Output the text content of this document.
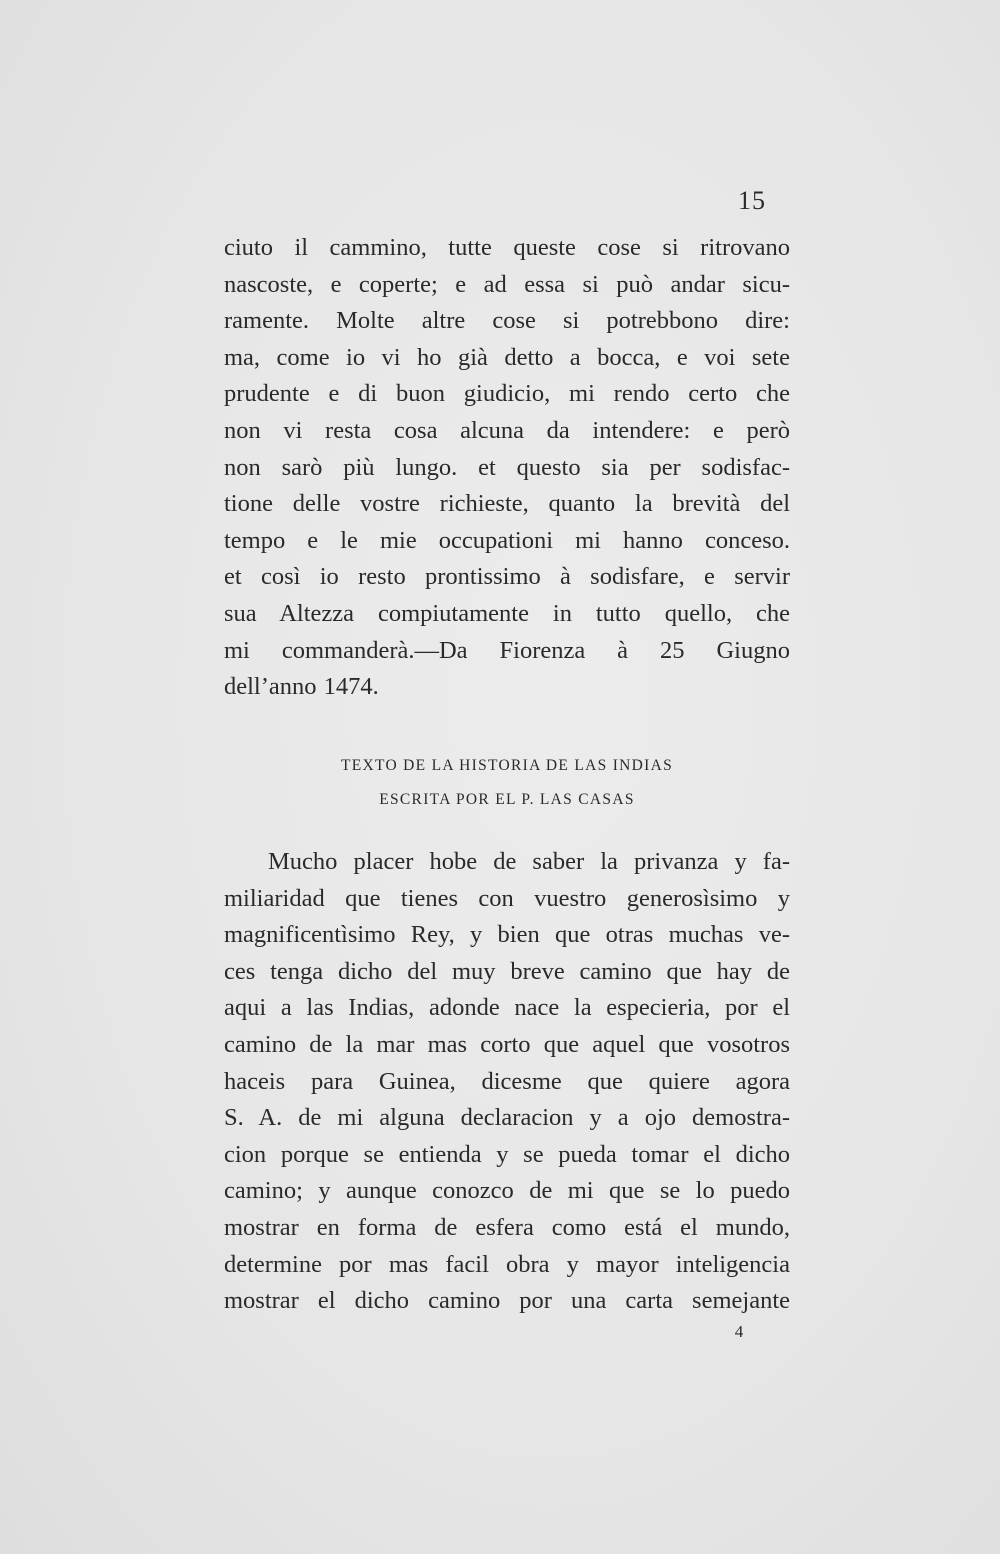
15
ciuto il cammino, tutte queste cose si ritrovano
nascoste, e coperte; e ad essa si può andar sicu-
ramente. Molte altre cose si potrebbono dire:
ma, come io vi ho già detto a bocca, e voi sete
prudente e di buon giudicio, mi rendo certo che
non vi resta cosa alcuna da intendere: e però
non sarò più lungo. et questo sia per sodisfac-
tione delle vostre richieste, quanto la brevità del
tempo e le mie occupationi mi hanno conceso.
et così io resto prontissimo à sodisfare, e servir
sua Altezza compiutamente in tutto quello, che
mi commanderà.—Da Fiorenza à 25 Giugno
dell’anno 1474.
TEXTO DE LA HISTORIA DE LAS INDIAS
ESCRITA POR EL P. LAS CASAS
Mucho placer hobe de saber la privanza y fa-
miliaridad que tienes con vuestro generosìsimo y
magnificentìsimo Rey, y bien que otras muchas ve-
ces tenga dicho del muy breve camino que hay de
aqui a las Indias, adonde nace la especieria, por el
camino de la mar mas corto que aquel que vosotros
haceis para Guinea, dicesme que quiere agora
S. A. de mi alguna declaracion y a ojo demostra-
cion porque se entienda y se pueda tomar el dicho
camino; y aunque conozco de mi que se lo puedo
mostrar en forma de esfera como está el mundo,
determine por mas facil obra y mayor inteligencia
mostrar el dicho camino por una carta semejante
4
